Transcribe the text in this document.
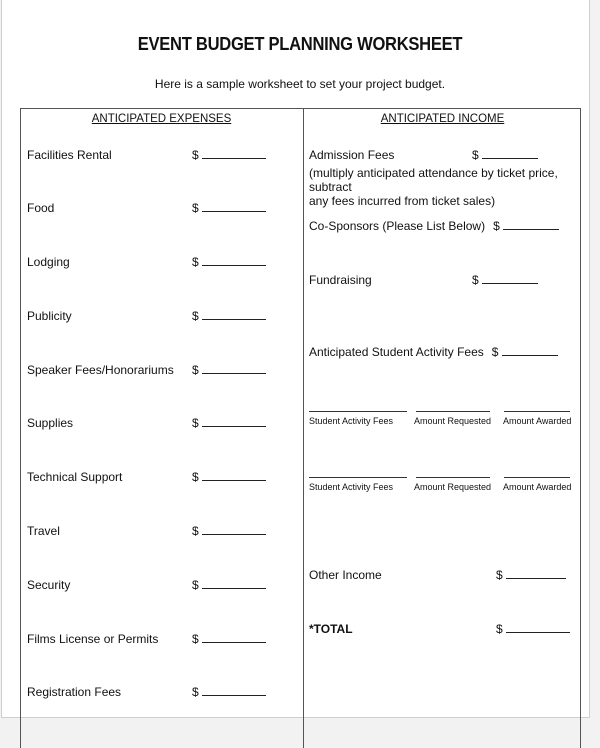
EVENT BUDGET PLANNING WORKSHEET
Here is a sample worksheet to set your project budget.
ANTICIPATED EXPENSES	ANTICIPATED INCOME
Facilities Rental	$
Food	$
Lodging	$
Publicity	$
Speaker Fees/Honorariums $
Supplies	$
Technical Support	$
Travel	$
Security	$
Films License or Permits	$
Registration Fees	$
Admission Fees	$
(multiply anticipated attendance by ticket price, subtract
any fees incurred from ticket sales)
Co-Sponsors (Please List Below) $
Fundraising	$
Anticipated Student Activity Fees $
Student Activity Fees Amount Requested Amount Awarded
Student Activity Fees Amount Requested Amount Awarded
Other Income	$
*TOTAL	$
